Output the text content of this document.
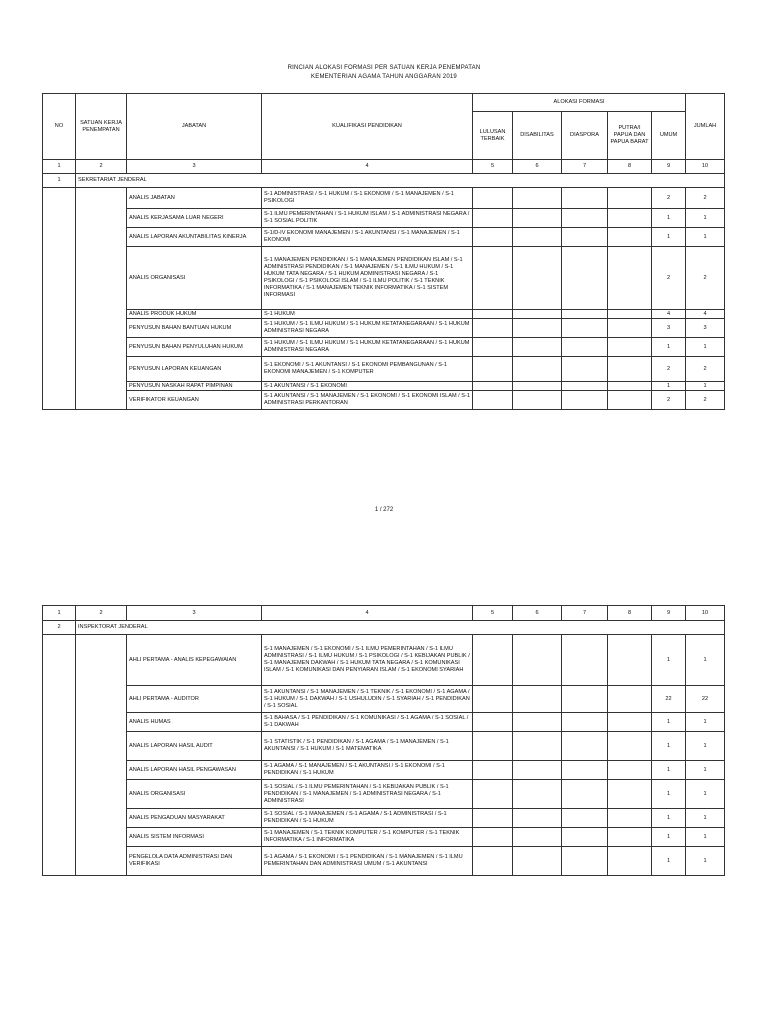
RINCIAN ALOKASI FORMASI PER SATUAN KERJA PENEMPATAN
KEMENTERIAN AGAMA TAHUN ANGGARAN 2019
NO	SATUAN KERJA PENEMPATAN	JABATAN	KUALIFIKASI PENDIDIKAN	ALOKASI FORMASI					JUMLAH
				LULUSAN TERBAIK	DISABILITAS	DIASPORA	PUTRA/I PAPUA DAN PAPUA BARAT	UMUM	
1	2	3	4	5	6	7	8	9	10
1	SEKRETARIAT JENDERAL								
		ANALIS JABATAN	S-1 ADMINISTRASI / S-1 HUKUM / S-1 EKONOMI / S-1 MANAJEMEN / S-1 PSIKOLOGI					2	2
		ANALIS KERJASAMA LUAR NEGERI	S-1 ILMU PEMERINTAHAN / S-1 HUKUM ISLAM / S-1 ADMINISTRASI NEGARA / S-1 SOSIAL POLITIK					1	1
		ANALIS LAPORAN AKUNTABILITAS KINERJA	S-1/D-IV EKONOMI MANAJEMEN / S-1 AKUNTANSI / S-1 MANAJEMEN / S-1 EKONOMI					1	1
		ANALIS ORGANISASI	S-1 MANAJEMEN PENDIDIKAN / S-1 MANAJEMEN PENDIDIKAN ISLAM / S-1 ADMINISTRASI PENDIDIKAN / S-1 MANAJEMEN / S-1 ILMU HUKUM / S-1 HUKUM TATA NEGARA / S-1 HUKUM ADMINISTRASI NEGARA / S-1 PSIKOLOGI / S-1 PSIKOLOGI ISLAM / S-1 ILMU POLITIK / S-1 TEKNIK INFORMATIKA / S-1 MANAJEMEN TEKNIK INFORMATIKA / S-1 SISTEM INFORMASI					2	2
		ANALIS PRODUK HUKUM	S-1 HUKUM					4	4
		PENYUSUN BAHAN BANTUAN HUKUM	S-1 HUKUM / S-1 ILMU HUKUM / S-1 HUKUM KETATANEGARAAN / S-1 HUKUM ADMINISTRASI NEGARA					3	3
		PENYUSUN BAHAN PENYULUHAN HUKUM	S-1 HUKUM / S-1 ILMU HUKUM / S-1 HUKUM KETATANEGARAAN / S-1 HUKUM ADMINISTRASI NEGARA					1	1
		PENYUSUN LAPORAN KEUANGAN	S-1 EKONOMI / S-1 AKUNTANSI / S-1 EKONOMI PEMBANGUNAN / S-1 EKONOMI MANAJEMEN / S-1 KOMPUTER					2	2
		PENYUSUN NASKAH RAPAT PIMPINAN	S-1 AKUNTANSI / S-1 EKONOMI					1	1
		VERIFIKATOR KEUANGAN	S-1 AKUNTANSI / S-1 MANAJEMEN / S-1 EKONOMI / S-1 EKONOMI ISLAM / S-1 ADMINISTRASI PERKANTORAN					2	2
1 / 272
1	2	3	4	5	6	7	8	9	10
2	INSPEKTORAT JENDERAL								
		AHLI PERTAMA - ANALIS KEPEGAWAIAN	S-1 MANAJEMEN / S-1 EKONOMI / S-1 ILMU PEMERINTAHAN / S-1 ILMU ADMINISTRASI / S-1 ILMU HUKUM / S-1 PSIKOLOGI / S-1 KEBIJAKAN PUBLIK / S-1 MANAJEMEN DAKWAH / S-1 HUKUM TATA NEGARA / S-1 KOMUNIKASI ISLAM / S-1 KOMUNIKASI DAN PENYIARAN ISLAM / S-1 EKONOMI SYARIAH					1	1
		AHLI PERTAMA - AUDITOR	S-1 AKUNTANSI / S-1 MANAJEMEN / S-1 TEKNIK / S-1 EKONOMI / S-1 AGAMA / S-1 HUKUM / S-1 DAKWAH / S-1 USHULUDIN / S-1 SYARIAH / S-1 PENDIDIKAN / S-1 SOSIAL					22	22
		ANALIS HUMAS	S-1 BAHASA / S-1 PENDIDIKAN / S-1 KOMUNIKASI / S-1 AGAMA / S-1 SOSIAL / S-1 DAKWAH					1	1
		ANALIS LAPORAN HASIL AUDIT	S-1 STATISTIK / S-1 PENDIDIKAN / S-1 AGAMA / S-1 MANAJEMEN / S-1 AKUNTANSI / S-1 HUKUM / S-1 MATEMATIKA					1	1
		ANALIS LAPORAN HASIL PENGAWASAN	S-1 AGAMA / S-1 MANAJEMEN / S-1 AKUNTANSI / S-1 EKONOMI / S-1 PENDIDIKAN / S-1 HUKUM					1	1
		ANALIS ORGANISASI	S-1 SOSIAL / S-1 ILMU PEMERINTAHAN / S-1 KEBIJAKAN PUBLIK / S-1 PENDIDIKAN / S-1 MANAJEMEN / S-1 ADMINISTRASI NEGARA / S-1 ADMINISTRASI					1	1
		ANALIS PENGADUAN MASYARAKAT	S-1 SOSIAL / S-1 MANAJEMEN / S-1 AGAMA / S-1 ADMINISTRASI / S-1 PENDIDIKAN / S-1 HUKUM					1	1
		ANALIS SISTEM INFORMASI	S-1 MANAJEMEN / S-1 TEKNIK KOMPUTER / S-1 KOMPUTER / S-1 TEKNIK INFORMATIKA / S-1 INFORMATIKA					1	1
		PENGELOLA DATA ADMINISTRASI DAN VERIFIKASI	S-1 AGAMA / S-1 EKONOMI / S-1 PENDIDIKAN / S-1 MANAJEMEN / S-1 ILMU PEMERINTAHAN DAN ADMINISTRASI UMUM / S-1 AKUNTANSI					1	1
